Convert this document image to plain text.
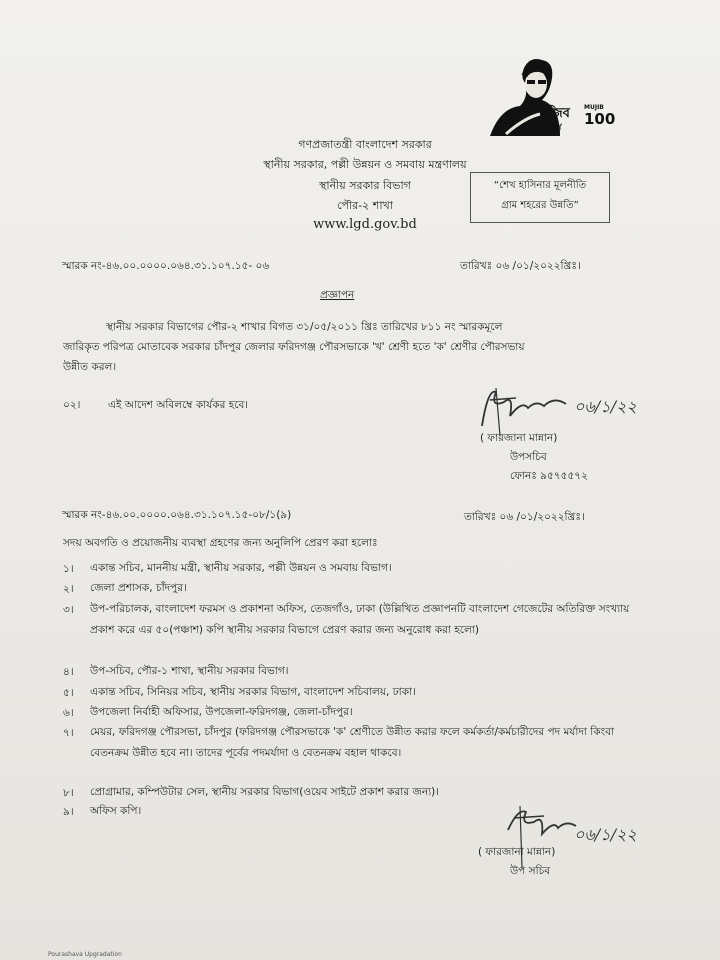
মুজিব
শতবর্ষ
MUJIB
100
গণপ্রজাতন্ত্রী বাংলাদেশ সরকার
স্থানীয় সরকার, পল্লী উন্নয়ন ও সমবায় মন্ত্রণালয়
স্থানীয় সরকার বিভাগ
পৌর-২ শাখা
www.lgd.gov.bd
“শেখ হাসিনার মূলনীতি
গ্রাম শহরের উন্নতি”
স্মারক নং-৪৬.০০.০০০০.০৬৪.৩১.১০৭.১৫- ০৬	তারিখঃ ০৬ /০১/২০২২খ্রিঃ।
প্রজ্ঞাপন
স্থানীয় সরকার বিভাগের পৌর-২ শাখার বিগত ৩১/০৫/২০১১ খ্রিঃ তারিখের ৮১১ নং স্মারকমূলে
জারিকৃত পরিপত্র মোতাবেক সরকার চাঁদপুর জেলার ফরিদগঞ্জ পৌরসভাকে 'খ' শ্রেণী হতে 'ক' শ্রেণীর পৌরসভায়
উন্নীত করল।
০২।	এই আদেশ অবিলম্বে কার্যকর হবে।	০৬/১/২২
( ফারজানা মান্নান)
উপসচিব
ফোনঃ ৯৫৭৫৫৭২
স্মারক নং-৪৬.০০.০০০০.০৬৪.৩১.১০৭.১৫-০৮/১(৯)	তারিখঃ ০৬ /০১/২০২২খ্রিঃ।
সদয় অবগতি ও প্রয়োজনীয় ব্যবস্থা গ্রহণের জন্য অনুলিপি প্রেরণ করা হলোঃ
১। একান্ত সচিব, মাননীয় মন্ত্রী, স্থানীয় সরকার, পল্লী উন্নয়ন ও সমবায় বিভাগ।
২। জেলা প্রশাসক, চাঁদপুর।
৩। উপ-পরিচালক, বাংলাদেশ ফরমস ও প্রকাশনা অফিস, তেজগাঁও, ঢাকা (উল্লিখিত প্রজ্ঞাপনটি বাংলাদেশ গেজেটের অতিরিক্ত সংখ্যায় প্রকাশ করে এর ৫০(পঞ্চাশ) কপি স্থানীয় সরকার বিভাগে প্রেরণ করার জন্য অনুরোধ করা হলো)
৪। উপ-সচিব, পৌর-১ শাখা, স্থানীয় সরকার বিভাগ।
৫। একান্ত সচিব, সিনিয়র সচিব, স্থানীয় সরকার বিভাগ, বাংলাদেশ সচিবালয়, ঢাকা।
৬। উপজেলা নির্বাহী অফিসার, উপজেলা-ফরিদগঞ্জ, জেলা-চাঁদপুর।
৭। মেয়র, ফরিদগঞ্জ পৌরসভা, চাঁদপুর (ফরিদগঞ্জ পৌরসভাকে 'ক' শ্রেণীতে উন্নীত করার ফলে কর্মকর্তা/কর্মচারীদের পদ মর্যাদা কিংবা বেতনক্রম উন্নীত হবে না। তাদের পূর্বের পদমর্যাদা ও বেতনক্রম বহাল থাকবে।
৮। প্রোগ্রামার, কম্পিউটার সেল, স্থানীয় সরকার বিভাগ(ওয়েব সাইটে প্রকাশ করার জন্য)।
৯। অফিস কপি।
০৬/১/২২
( ফারজানা মান্নান)
উপ সচিব
Pourashava Upgradation
